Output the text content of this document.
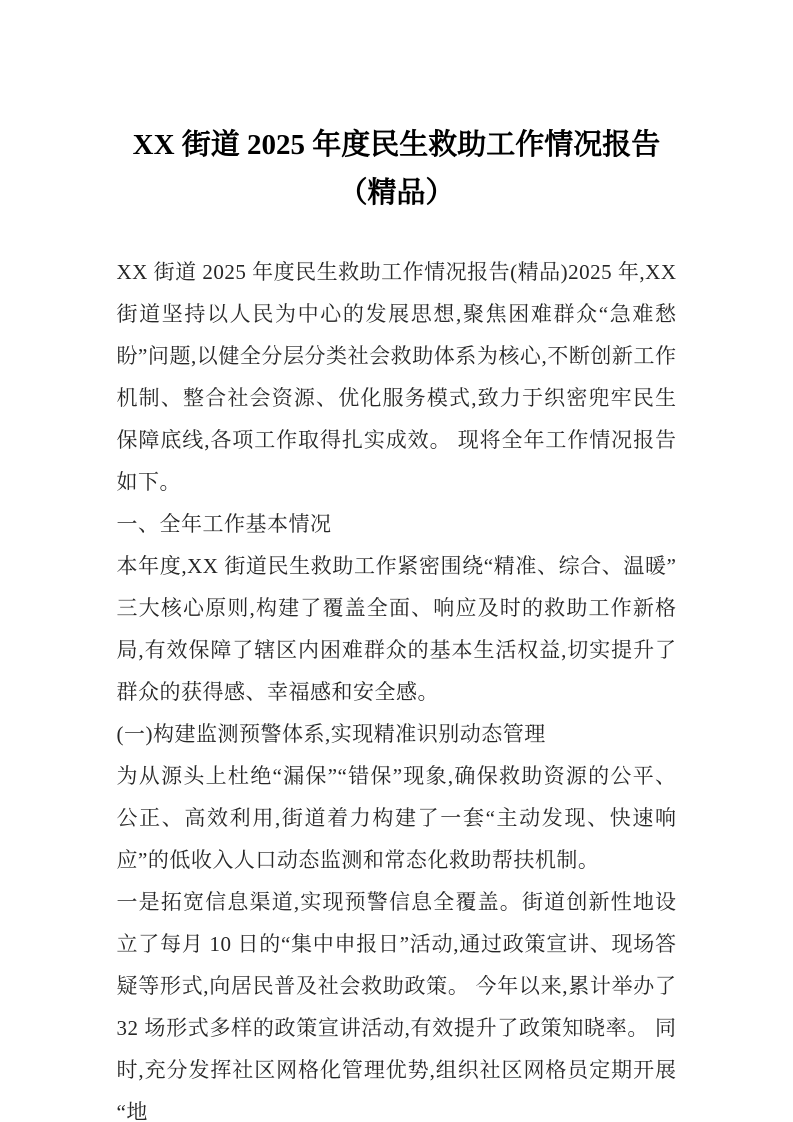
XX 街道 2025 年度民生救助工作情况报告
（精品）

XX 街道 2025 年度民生救助工作情况报告(精品)2025 年,XX 街道坚持以人民为中心的发展思想,聚焦困难群众“急难愁盼”问题,以健全分层分类社会救助体系为核心,不断创新工作机制、整合社会资源、优化服务模式,致力于织密兜牢民生保障底线,各项工作取得扎实成效。 现将全年工作情况报告如下。

一、全年工作基本情况

本年度,XX 街道民生救助工作紧密围绕“精准、综合、温暖”三大核心原则,构建了覆盖全面、响应及时的救助工作新格局,有效保障了辖区内困难群众的基本生活权益,切实提升了群众的获得感、幸福感和安全感。

(一)构建监测预警体系,实现精准识别动态管理

为从源头上杜绝“漏保”“错保”现象,确保救助资源的公平、公正、高效利用,街道着力构建了一套“主动发现、快速响应”的低收入人口动态监测和常态化救助帮扶机制。

一是拓宽信息渠道,实现预警信息全覆盖。街道创新性地设立了每月 10 日的“集中申报日”活动,通过政策宣讲、现场答疑等形式,向居民普及社会救助政策。 今年以来,累计举办了 32 场形式多样的政策宣讲活动,有效提升了政策知晓率。 同时,充分发挥社区网格化管理优势,组织社区网格员定期开展“地
